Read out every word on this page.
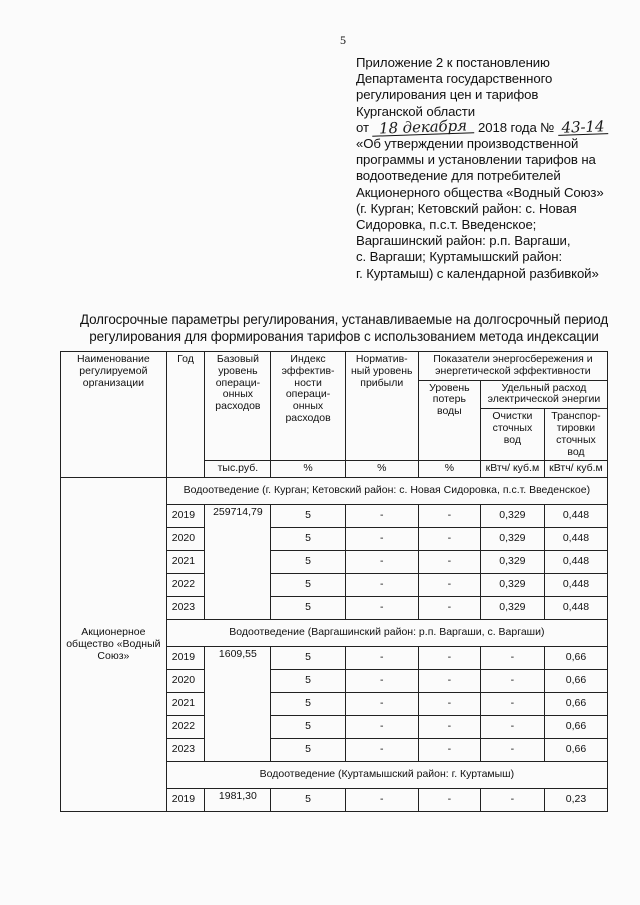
5
Приложение 2 к постановлению
Департамента государственного
регулирования цен и тарифов
Курганской области
от 18 декабря 2018 года № 43-14
«Об утверждении производственной
программы и установлении тарифов на
водоотведение для потребителей
Акционерного общества «Водный Союз»
(г. Курган; Кетовский район: с. Новая
Сидоровка, п.с.т. Введенское;
Варгашинский район: р.п. Варгаши,
с. Варгаши; Куртамышский район:
г. Куртамыш) с календарной разбивкой»
Долгосрочные параметры регулирования, устанавливаемые на долгосрочный период
регулирования для формирования тарифов с использованием метода индексации
Наименование регулируемой организации	Год	Базовый уровень операци-онных расходов	Индекс эффектив-ности операци-онных расходов	Норматив-ный уровень прибыли	Показатели энергосбережения и энергетической эффективности		
					Уровень потерь воды	Удельный расход электрической энергии	
						Очистки сточных вод	Транспор-тировки сточных вод
		тыс.руб.	%	%	%	кВтч/ куб.м	кВтч/ куб.м
Акционерное общество «Водный Союз»	Водоотведение (г. Курган; Кетовский район: с. Новая Сидоровка, п.с.т. Введенское)						
	2019	259714,79	5	-	-	0,329	0,448
	2020		5	-	-	0,329	0,448
	2021		5	-	-	0,329	0,448
	2022		5	-	-	0,329	0,448
	2023		5	-	-	0,329	0,448
	Водоотведение (Варгашинский район: р.п. Варгаши, с. Варгаши)						
	2019	1609,55	5	-	-	-	0,66
	2020		5	-	-	-	0,66
	2021		5	-	-	-	0,66
	2022		5	-	-	-	0,66
	2023		5	-	-	-	0,66
	Водоотведение (Куртамышский район: г. Куртамыш)						
	2019	1981,30	5	-	-	-	0,23
